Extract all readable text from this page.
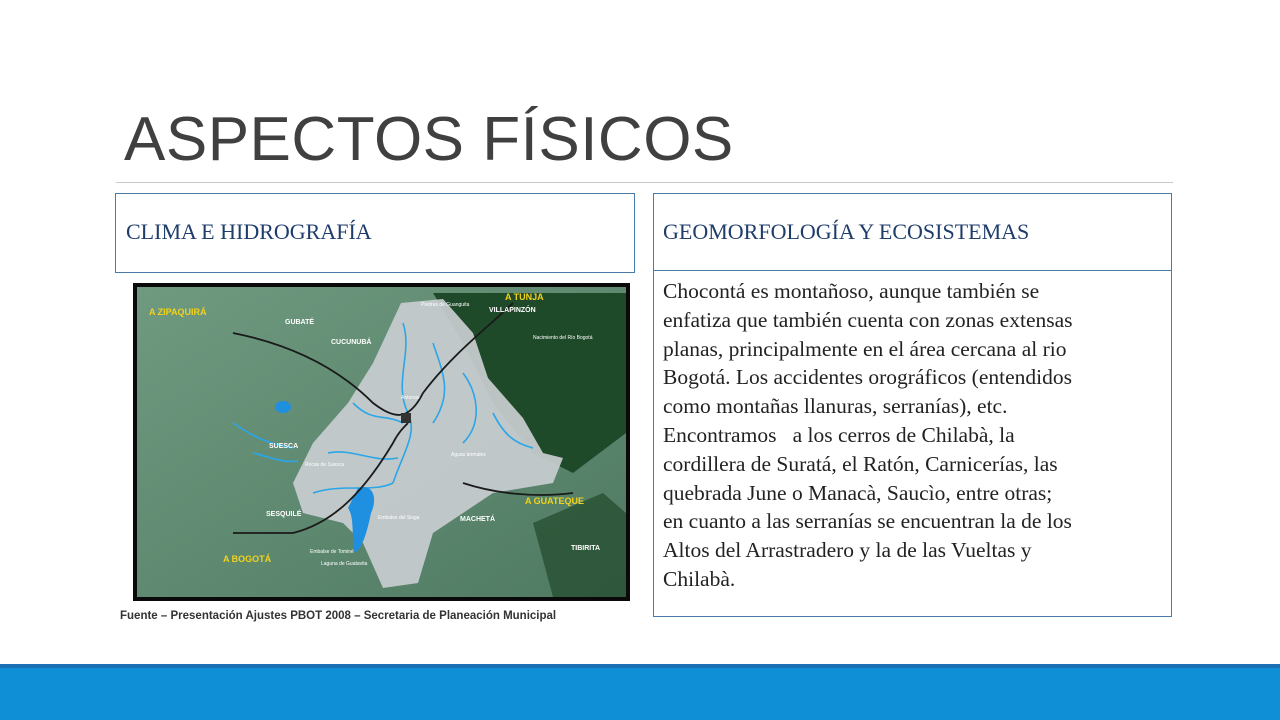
ASPECTOS FÍSICOS
CLIMA E HIDROGRAFÍA	GEOMORFOLOGÍA Y ECOSISTEMAS
Chocontá es montañoso, aunque también se
enfatiza que también cuenta con zonas extensas
planas, principalmente en el área cercana al rio
Bogotá. Los accidentes orográficos (entendidos
como montañas llanuras, serranías), etc.
Encontramos   a los cerros de Chilabà, la
cordillera de Suratá, el Ratón, Carnicerías, las
quebrada June o Manacà, Saucìo, entre otras;
en cuanto a las serranías se encuentran la de los
Altos del Arrastradero y la de las Vueltas y
Chilabà.
A ZIPAQUIRÁ
A TUNJA
VILLAPINZÓN
A GUATEQUE
A BOGOTÁ
SESQUILÉ
SUESCA
CUCUNUBÁ
GUBATÉ
MACHETÁ
TIBIRITA
Piedras de Guanguita
Nacimiento del Río Bogotá
Antenas
Rocas de Suesca
Aguas termales
Embalse del Sisga
Embalse de Tominé
Laguna de Guatavita
Fuente – Presentación Ajustes PBOT 2008 – Secretaria de Planeación Municipal
